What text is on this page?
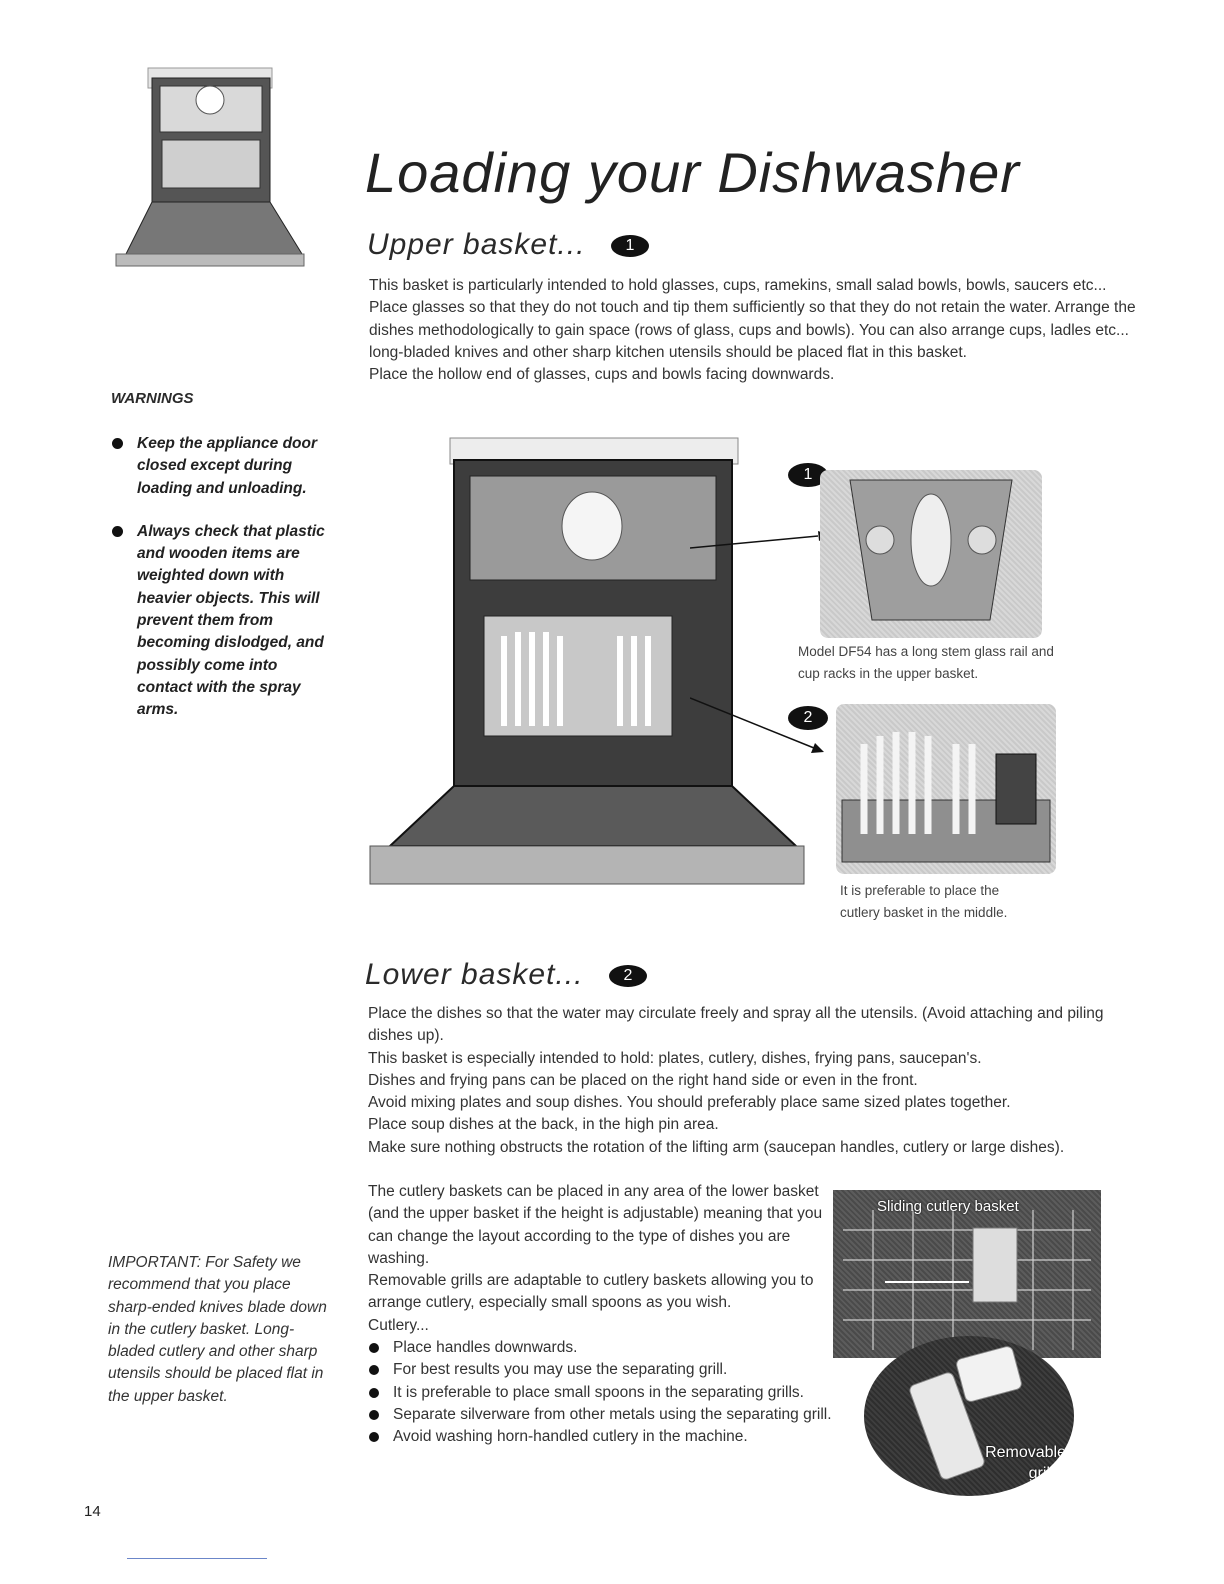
Loading your Dishwasher
Upper basket...	1

This basket is particularly intended to hold glasses, cups, ramekins, small salad bowls, bowls, saucers etc... Place glasses so that they do not touch and tip them sufficiently so that they do not retain the water. Arrange the dishes methodologically to gain space (rows of glass, cups and bowls). You can also arrange cups, ladles etc... long-bladed knives and other sharp kitchen utensils should be placed flat in this basket.

Place the hollow end of glasses, cups and bowls facing downwards.

WARNINGS
Keep the appliance door closed except during loading and unloading.
Always check that plastic and wooden items are weighted down with heavier objects. This will prevent them from becoming dislodged, and possibly come into contact with the spray arms.
1
Model DF54 has a long stem glass rail and cup racks in the upper basket.
2
It is preferable to place the cutlery basket in the middle.
Lower basket...	2

Place the dishes so that the water may circulate freely and spray all the utensils. (Avoid attaching and piling dishes up).

This basket is especially intended to hold: plates, cutlery, dishes, frying pans, saucepan's.

Dishes and frying pans can be placed on the right hand side or even in the front.

Avoid mixing plates and soup dishes. You should preferably place same sized plates together.

Place soup dishes at the back, in the high pin area.

Make sure nothing obstructs the rotation of the lifting arm (saucepan handles, cutlery or large dishes).

The cutlery baskets can be placed in any area of the lower basket (and the upper basket if the height is adjustable) meaning that you can change the layout according to the type of dishes you are washing.

Removable grills are adaptable to cutlery baskets allowing you to arrange cutlery, especially small spoons as you wish.

Cutlery...

Place handles downwards.
For best results you may use the separating grill.
It is preferable to place small spoons in the separating grills.
Separate silverware from other metals using the separating grill.
Avoid washing horn-handled cutlery in the machine.
Sliding cutlery basket
Removable grills.
IMPORTANT: For Safety we recommend that you place sharp-ended knives blade down in the cutlery basket. Long-bladed cutlery and other sharp utensils should be placed flat in the upper basket.
14
